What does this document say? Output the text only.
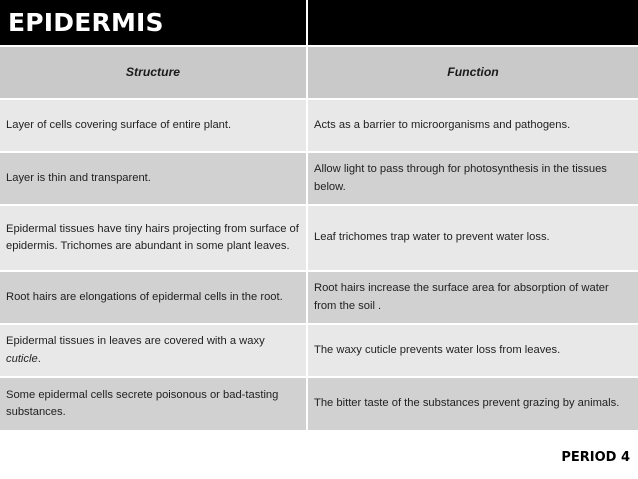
EPIDERMIS	
Structure	Function
Layer of cells covering surface of entire plant.	Acts as a barrier to microorganisms and pathogens.
Layer is thin and transparent.	Allow light to pass through for photosynthesis in the tissues below.
Epidermal tissues have tiny hairs projecting from surface of epidermis. Trichomes are abundant in some plant leaves.	Leaf trichomes trap water to prevent water loss.
Root hairs are elongations of epidermal cells in the root.	Root hairs increase the surface area for absorption of water from the soil .
Epidermal tissues in leaves are covered with a waxy cuticle.	The waxy cuticle prevents water loss from leaves.
Some epidermal cells secrete poisonous or bad-tasting substances.	The bitter taste of the substances prevent grazing by animals.
PERIOD 4
